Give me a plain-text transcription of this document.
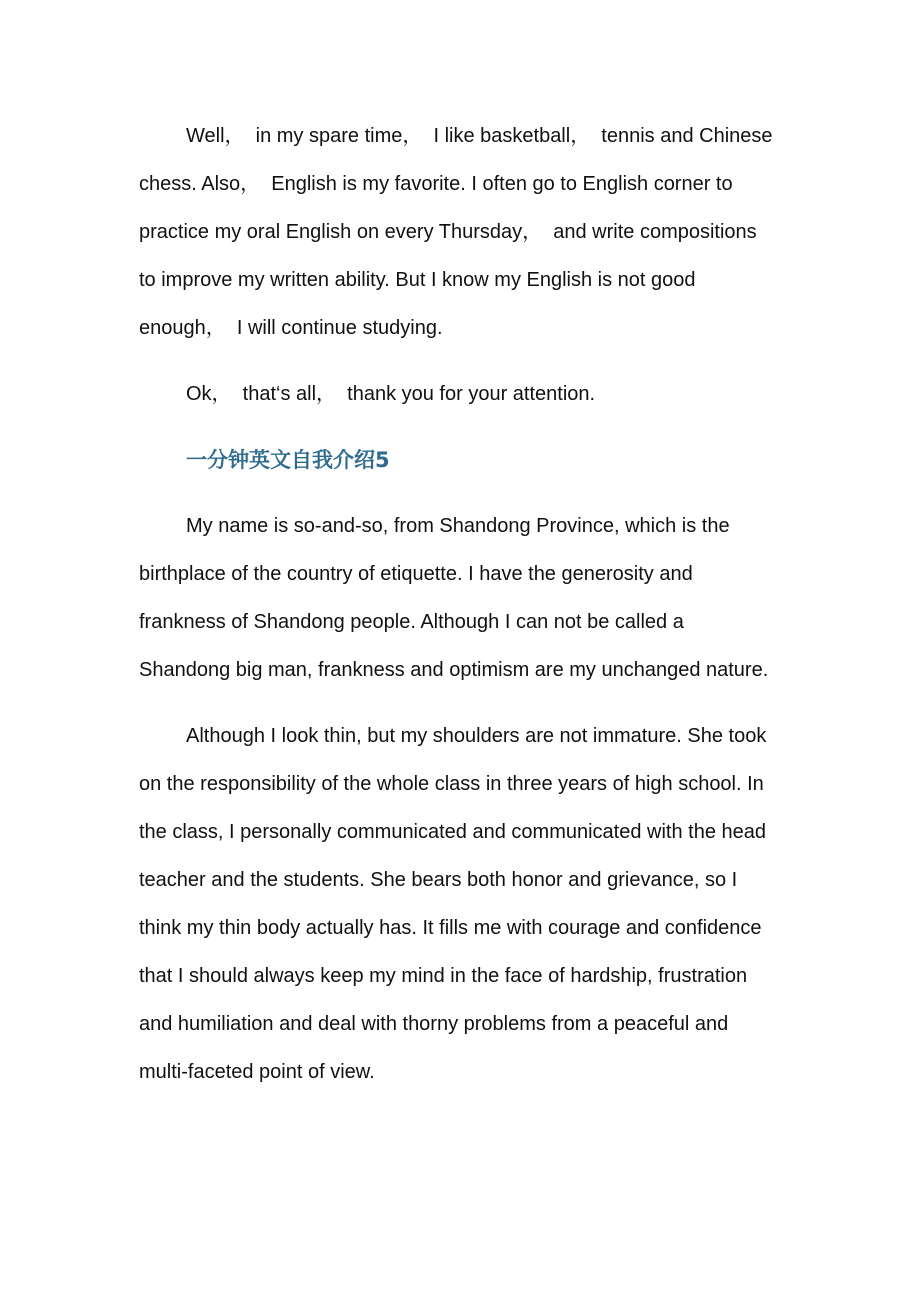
Well，  in my spare time，  I like basketball，  tennis and Chinese chess. Also，  English is my favorite. I often go to English corner to practice my oral English on every Thursday，  and write compositions to improve my written ability. But I know my English is not good enough，  I will continue studying.

Ok，  that‘s all，  thank you for your attention.

一分钟英文自我介绍5

My name is so-and-so, from Shandong Province, which is the birthplace of the country of etiquette. I have the generosity and frankness of Shandong people. Although I can not be called a Shandong big man, frankness and optimism are my unchanged nature.

Although I look thin, but my shoulders are not immature. She took on the responsibility of the whole class in three years of high school. In the class, I personally communicated and communicated with the head teacher and the students. She bears both honor and grievance, so I think my thin body actually has. It fills me with courage and confidence that I should always keep my mind in the face of hardship, frustration and humiliation and deal with thorny problems from a peaceful and multi-faceted point of view.
